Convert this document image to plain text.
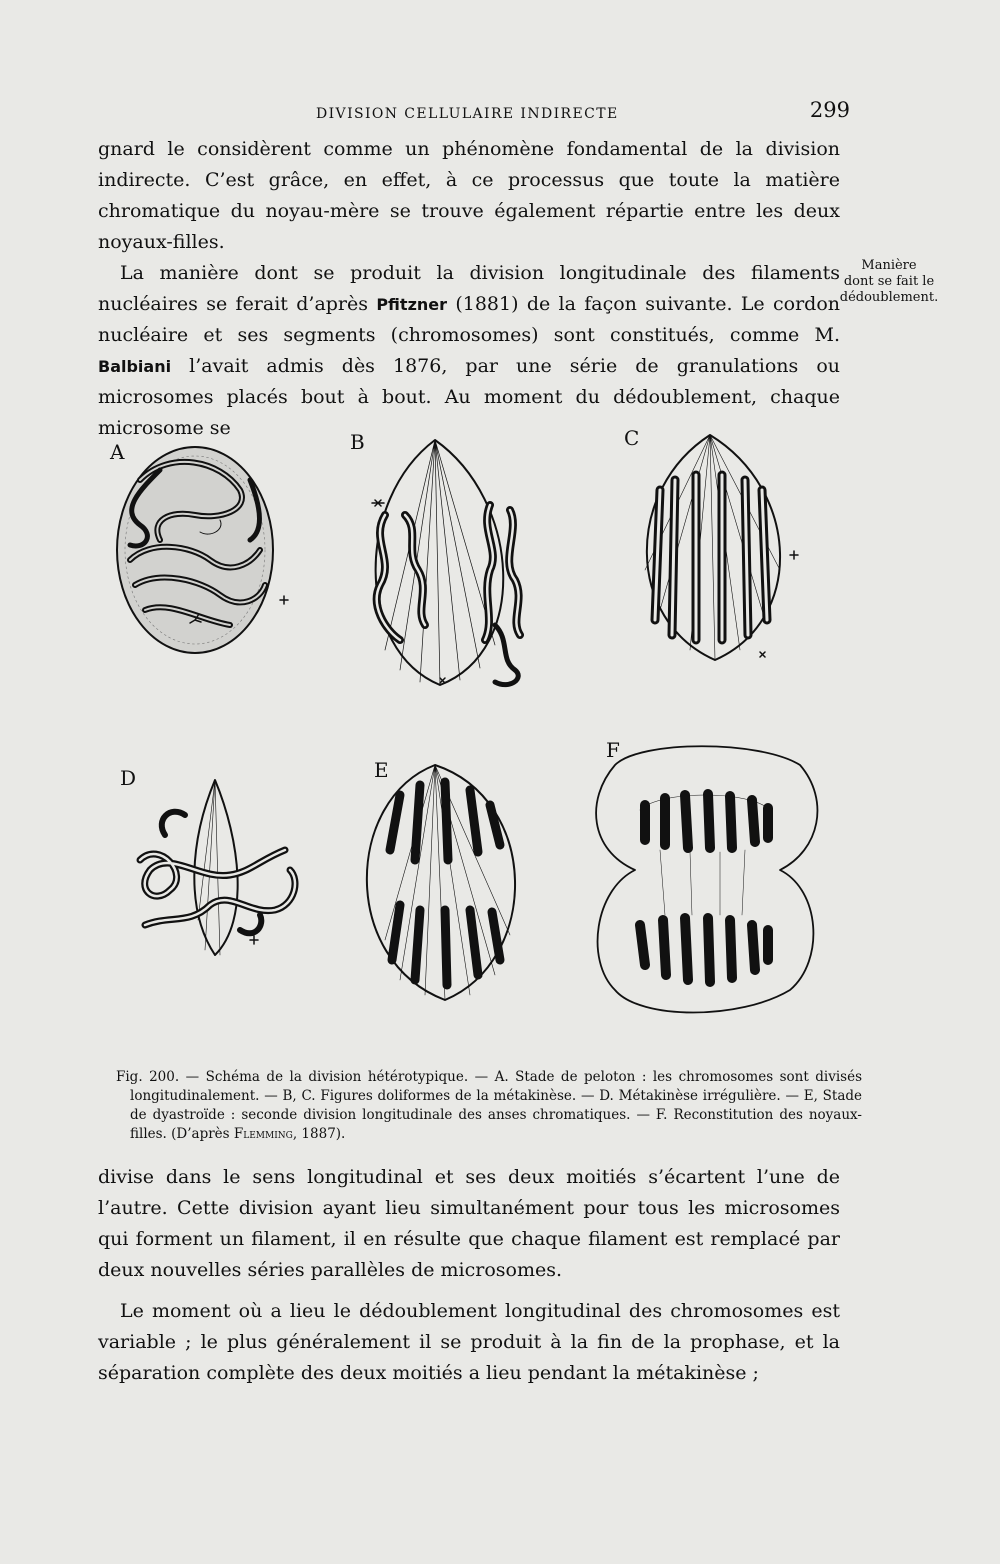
DIVISION CELLULAIRE INDIRECTE	299

gnard le considèrent comme un phénomène fondamental de la division indirecte. C’est grâce, en effet, à ce processus que toute la matière chromatique du noyau-mère se trouve également répartie entre les deux noyaux-filles.

La manière dont se produit la division longitudinale des filaments nucléaires se ferait d’après Pfitzner (1881) de la façon suivante. Le cordon nucléaire et ses segments (chromosomes) sont constitués, comme M. Balbiani l’avait admis dès 1876, par une série de granulations ou microsomes placés bout à bout. Au moment du dédoublement, chaque microsome se

Manière
dont se fait le
dédoublement.
A	B	C
D	E
F
Fig. 200. — Schéma de la division hétérotypique. — A. Stade de peloton : les chromosomes sont divisés longitudinalement. — B, C. Figures doliformes de la métakinèse. — D. Métakinèse irrégulière. — E, Stade de dyastroïde : seconde division longitudinale des anses chromatiques. — F. Reconstitution des noyaux-filles. (D’après Flemming, 1887).

divise dans le sens longitudinal et ses deux moitiés s’écartent l’une de l’autre. Cette division ayant lieu simultanément pour tous les microsomes qui forment un filament, il en résulte que chaque filament est remplacé par deux nouvelles séries parallèles de microsomes.

Le moment où a lieu le dédoublement longitudinal des chromosomes est variable ; le plus généralement il se produit à la fin de la prophase, et la séparation complète des deux moitiés a lieu pendant la métakinèse ;
